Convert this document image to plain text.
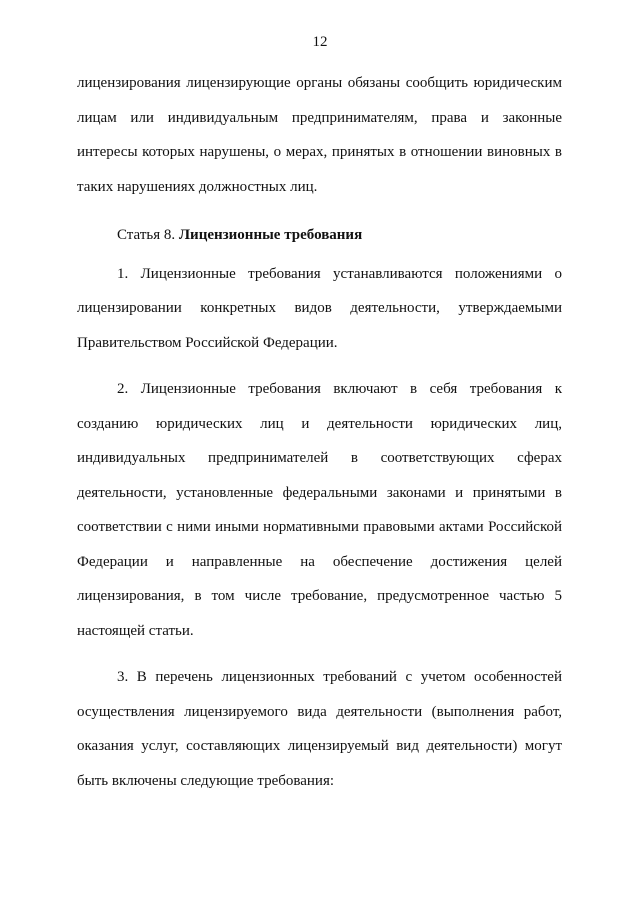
12

лицензирования лицензирующие органы обязаны сообщить юридическим лицам или индивидуальным предпринимателям, права и законные интересы которых нарушены, о мерах, принятых в отношении виновных в таких нарушениях должностных лиц.

Статья 8. Лицензионные требования

1. Лицензионные требования устанавливаются положениями о лицензировании конкретных видов деятельности, утверждаемыми Правительством Российской Федерации.

2. Лицензионные требования включают в себя требования к созданию юридических лиц и деятельности юридических лиц, индивидуальных предпринимателей в соответствующих сферах деятельности, установленные федеральными законами и принятыми в соответствии с ними иными нормативными правовыми актами Российской Федерации и направленные на обеспечение достижения целей лицензирования, в том числе требование, предусмотренное частью 5 настоящей статьи.

3. В перечень лицензионных требований с учетом особенностей осуществления лицензируемого вида деятельности (выполнения работ, оказания услуг, составляющих лицензируемый вид деятельности) могут быть включены следующие требования:
